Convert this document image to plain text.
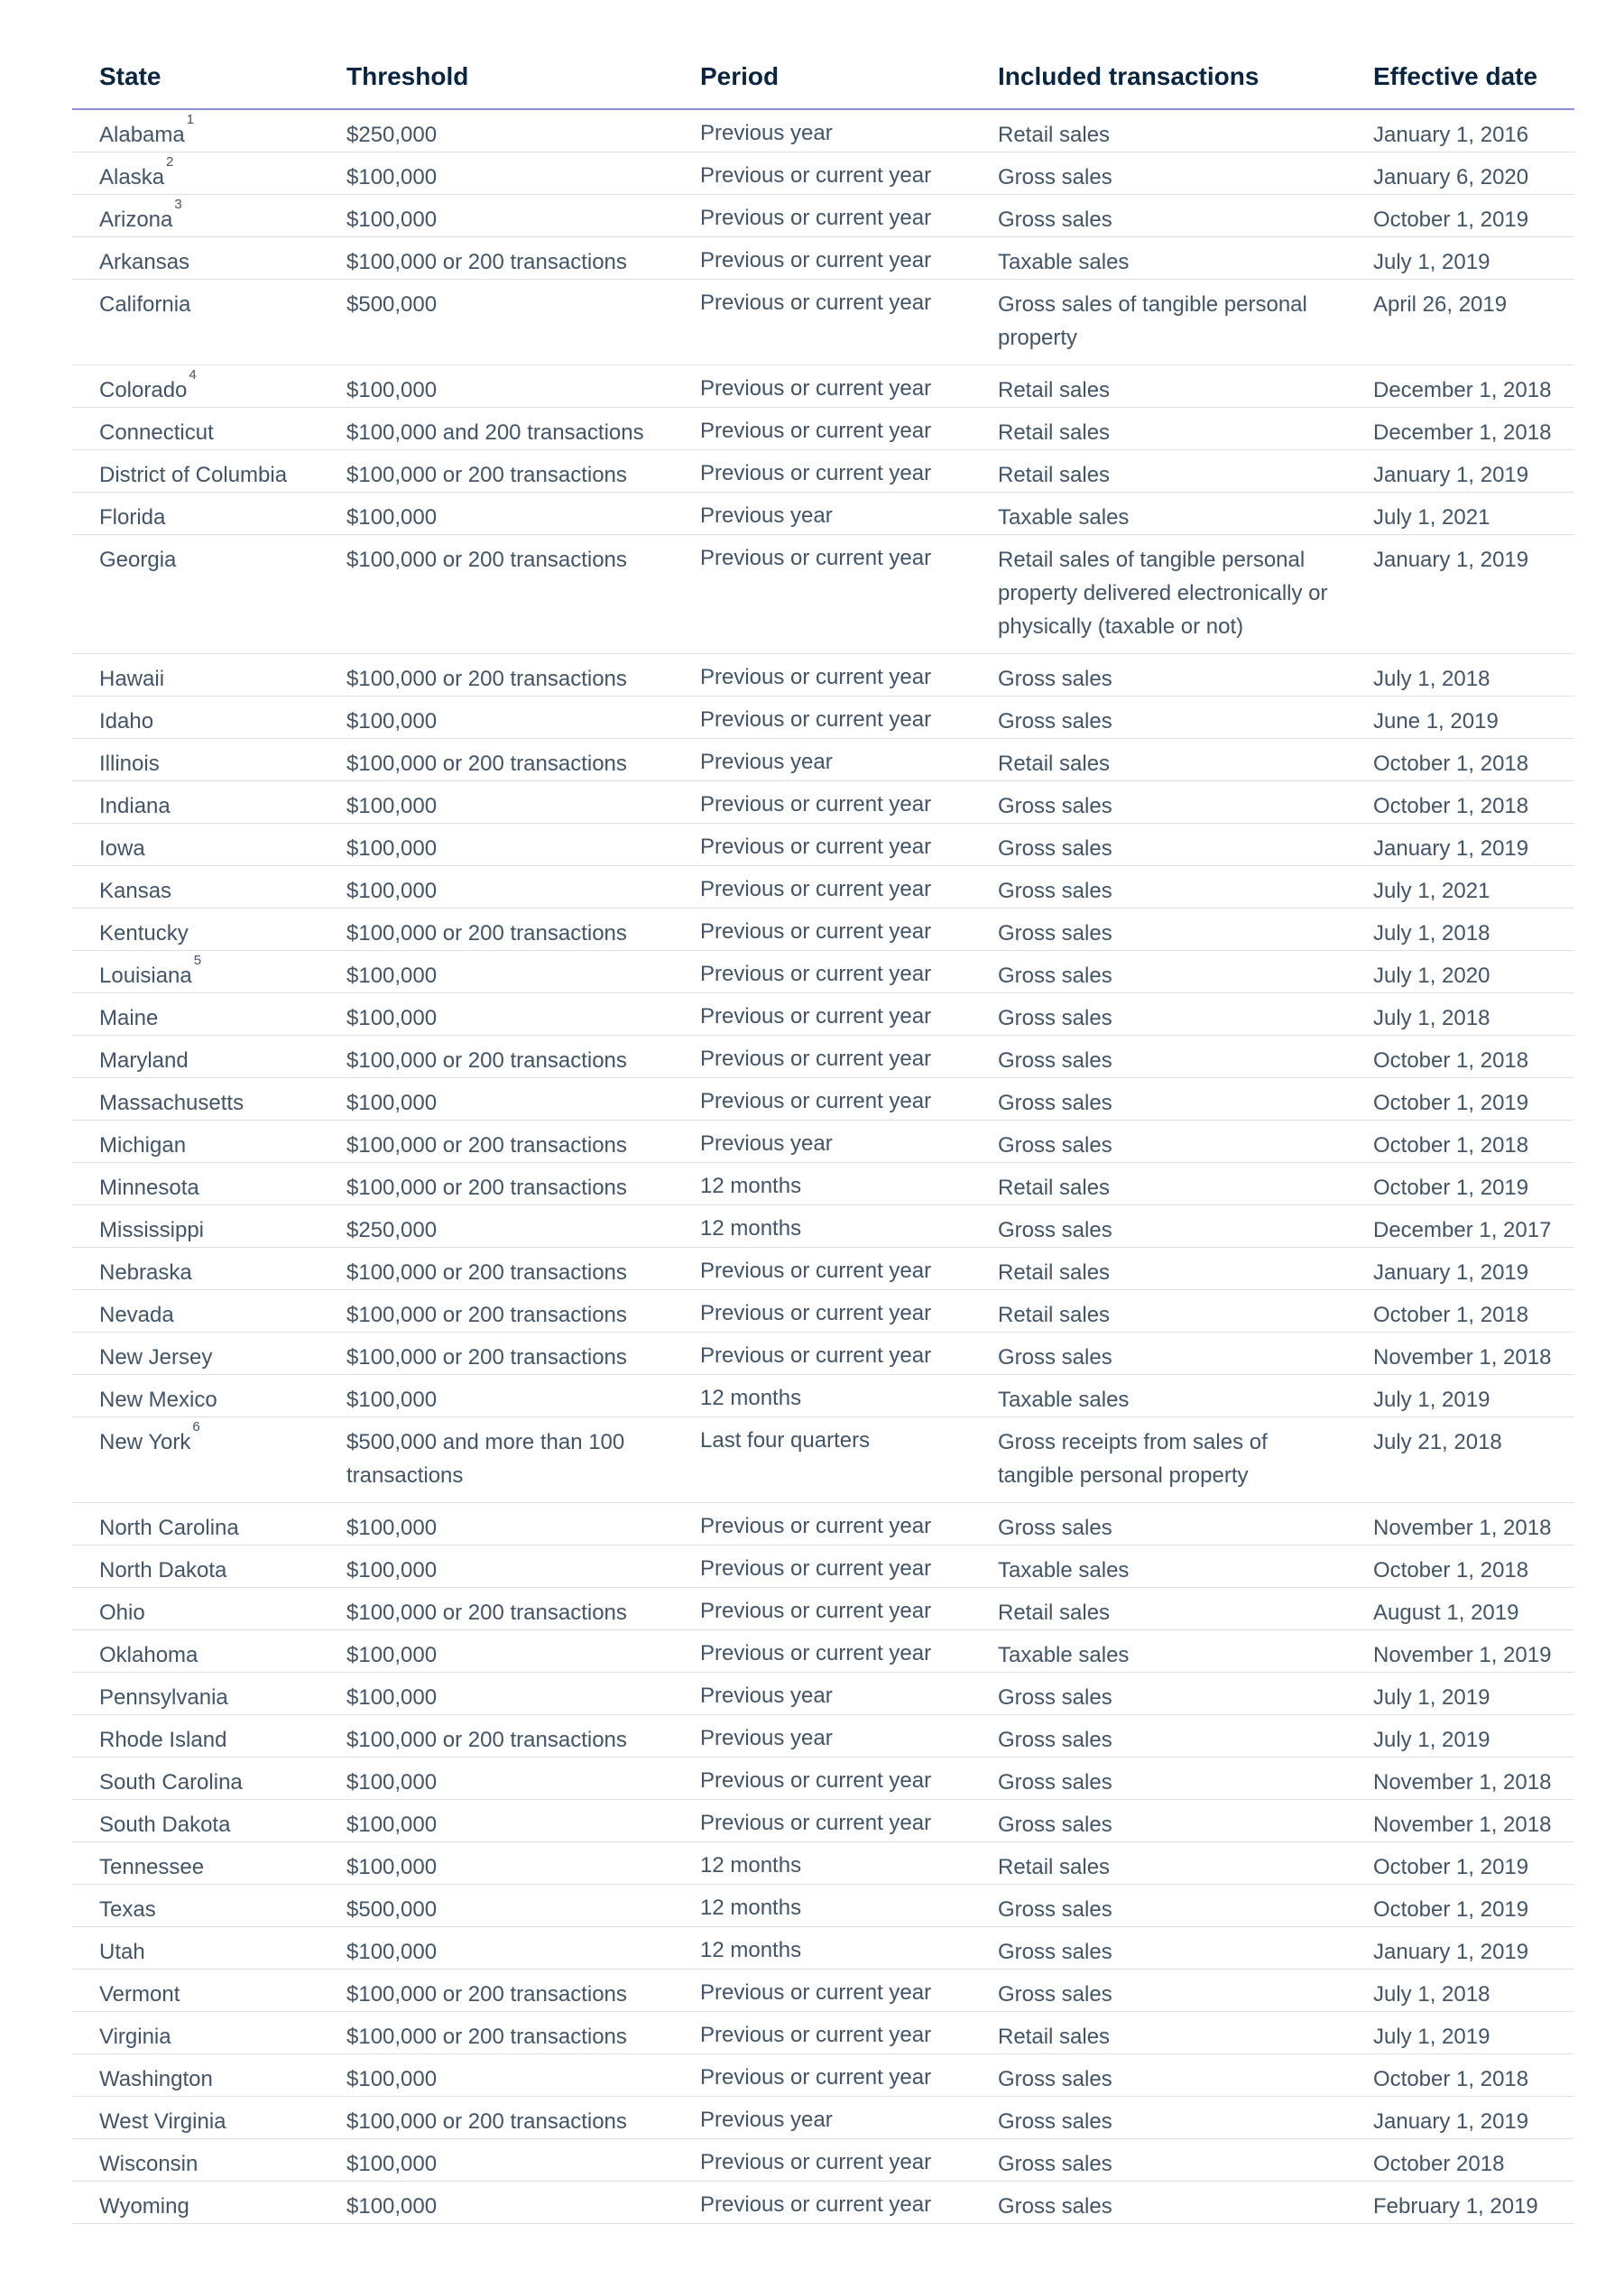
State	Threshold	Period	Included transactions	Effective date
Alabama$^1$	$250,000	Previous year	Retail sales	January 1, 2016
Alaska$^2$	$100,000	Previous or current year	Gross sales	January 6, 2020
Arizona$^3$	$100,000	Previous or current year	Gross sales	October 1, 2019
Arkansas	$100,000 or 200 transactions	Previous or current year	Taxable sales	July 1, 2019
California	$500,000	Previous or current year	Gross sales of tangible personal property	April 26, 2019
Colorado$^4$	$100,000	Previous or current year	Retail sales	December 1, 2018
Connecticut	$100,000 and 200 transactions	Previous or current year	Retail sales	December 1, 2018
District of Columbia	$100,000 or 200 transactions	Previous or current year	Retail sales	January 1, 2019
Florida	$100,000	Previous year	Taxable sales	July 1, 2021
Georgia	$100,000 or 200 transactions	Previous or current year	Retail sales of tangible personal property delivered electronically or physically (taxable or not)	January 1, 2019
Hawaii	$100,000 or 200 transactions	Previous or current year	Gross sales	July 1, 2018
Idaho	$100,000	Previous or current year	Gross sales	June 1, 2019
Illinois	$100,000 or 200 transactions	Previous year	Retail sales	October 1, 2018
Indiana	$100,000	Previous or current year	Gross sales	October 1, 2018
Iowa	$100,000	Previous or current year	Gross sales	January 1, 2019
Kansas	$100,000	Previous or current year	Gross sales	July 1, 2021
Kentucky	$100,000 or 200 transactions	Previous or current year	Gross sales	July 1, 2018
Louisiana$^5$	$100,000	Previous or current year	Gross sales	July 1, 2020
Maine	$100,000	Previous or current year	Gross sales	July 1, 2018
Maryland	$100,000 or 200 transactions	Previous or current year	Gross sales	October 1, 2018
Massachusetts	$100,000	Previous or current year	Gross sales	October 1, 2019
Michigan	$100,000 or 200 transactions	Previous year	Gross sales	October 1, 2018
Minnesota	$100,000 or 200 transactions	12 months	Retail sales	October 1, 2019
Mississippi	$250,000	12 months	Gross sales	December 1, 2017
Nebraska	$100,000 or 200 transactions	Previous or current year	Retail sales	January 1, 2019
Nevada	$100,000 or 200 transactions	Previous or current year	Retail sales	October 1, 2018
New Jersey	$100,000 or 200 transactions	Previous or current year	Gross sales	November 1, 2018
New Mexico	$100,000	12 months	Taxable sales	July 1, 2019
New York$^6$	$500,000 and more than 100 transactions	Last four quarters	Gross receipts from sales of tangible personal property	July 21, 2018
North Carolina	$100,000	Previous or current year	Gross sales	November 1, 2018
North Dakota	$100,000	Previous or current year	Taxable sales	October 1, 2018
Ohio	$100,000 or 200 transactions	Previous or current year	Retail sales	August 1, 2019
Oklahoma	$100,000	Previous or current year	Taxable sales	November 1, 2019
Pennsylvania	$100,000	Previous year	Gross sales	July 1, 2019
Rhode Island	$100,000 or 200 transactions	Previous year	Gross sales	July 1, 2019
South Carolina	$100,000	Previous or current year	Gross sales	November 1, 2018
South Dakota	$100,000	Previous or current year	Gross sales	November 1, 2018
Tennessee	$100,000	12 months	Retail sales	October 1, 2019
Texas	$500,000	12 months	Gross sales	October 1, 2019
Utah	$100,000	12 months	Gross sales	January 1, 2019
Vermont	$100,000 or 200 transactions	Previous or current year	Gross sales	July 1, 2018
Virginia	$100,000 or 200 transactions	Previous or current year	Retail sales	July 1, 2019
Washington	$100,000	Previous or current year	Gross sales	October 1, 2018
West Virginia	$100,000 or 200 transactions	Previous year	Gross sales	January 1, 2019
Wisconsin	$100,000	Previous or current year	Gross sales	October 2018
Wyoming	$100,000	Previous or current year	Gross sales	February 1, 2019
